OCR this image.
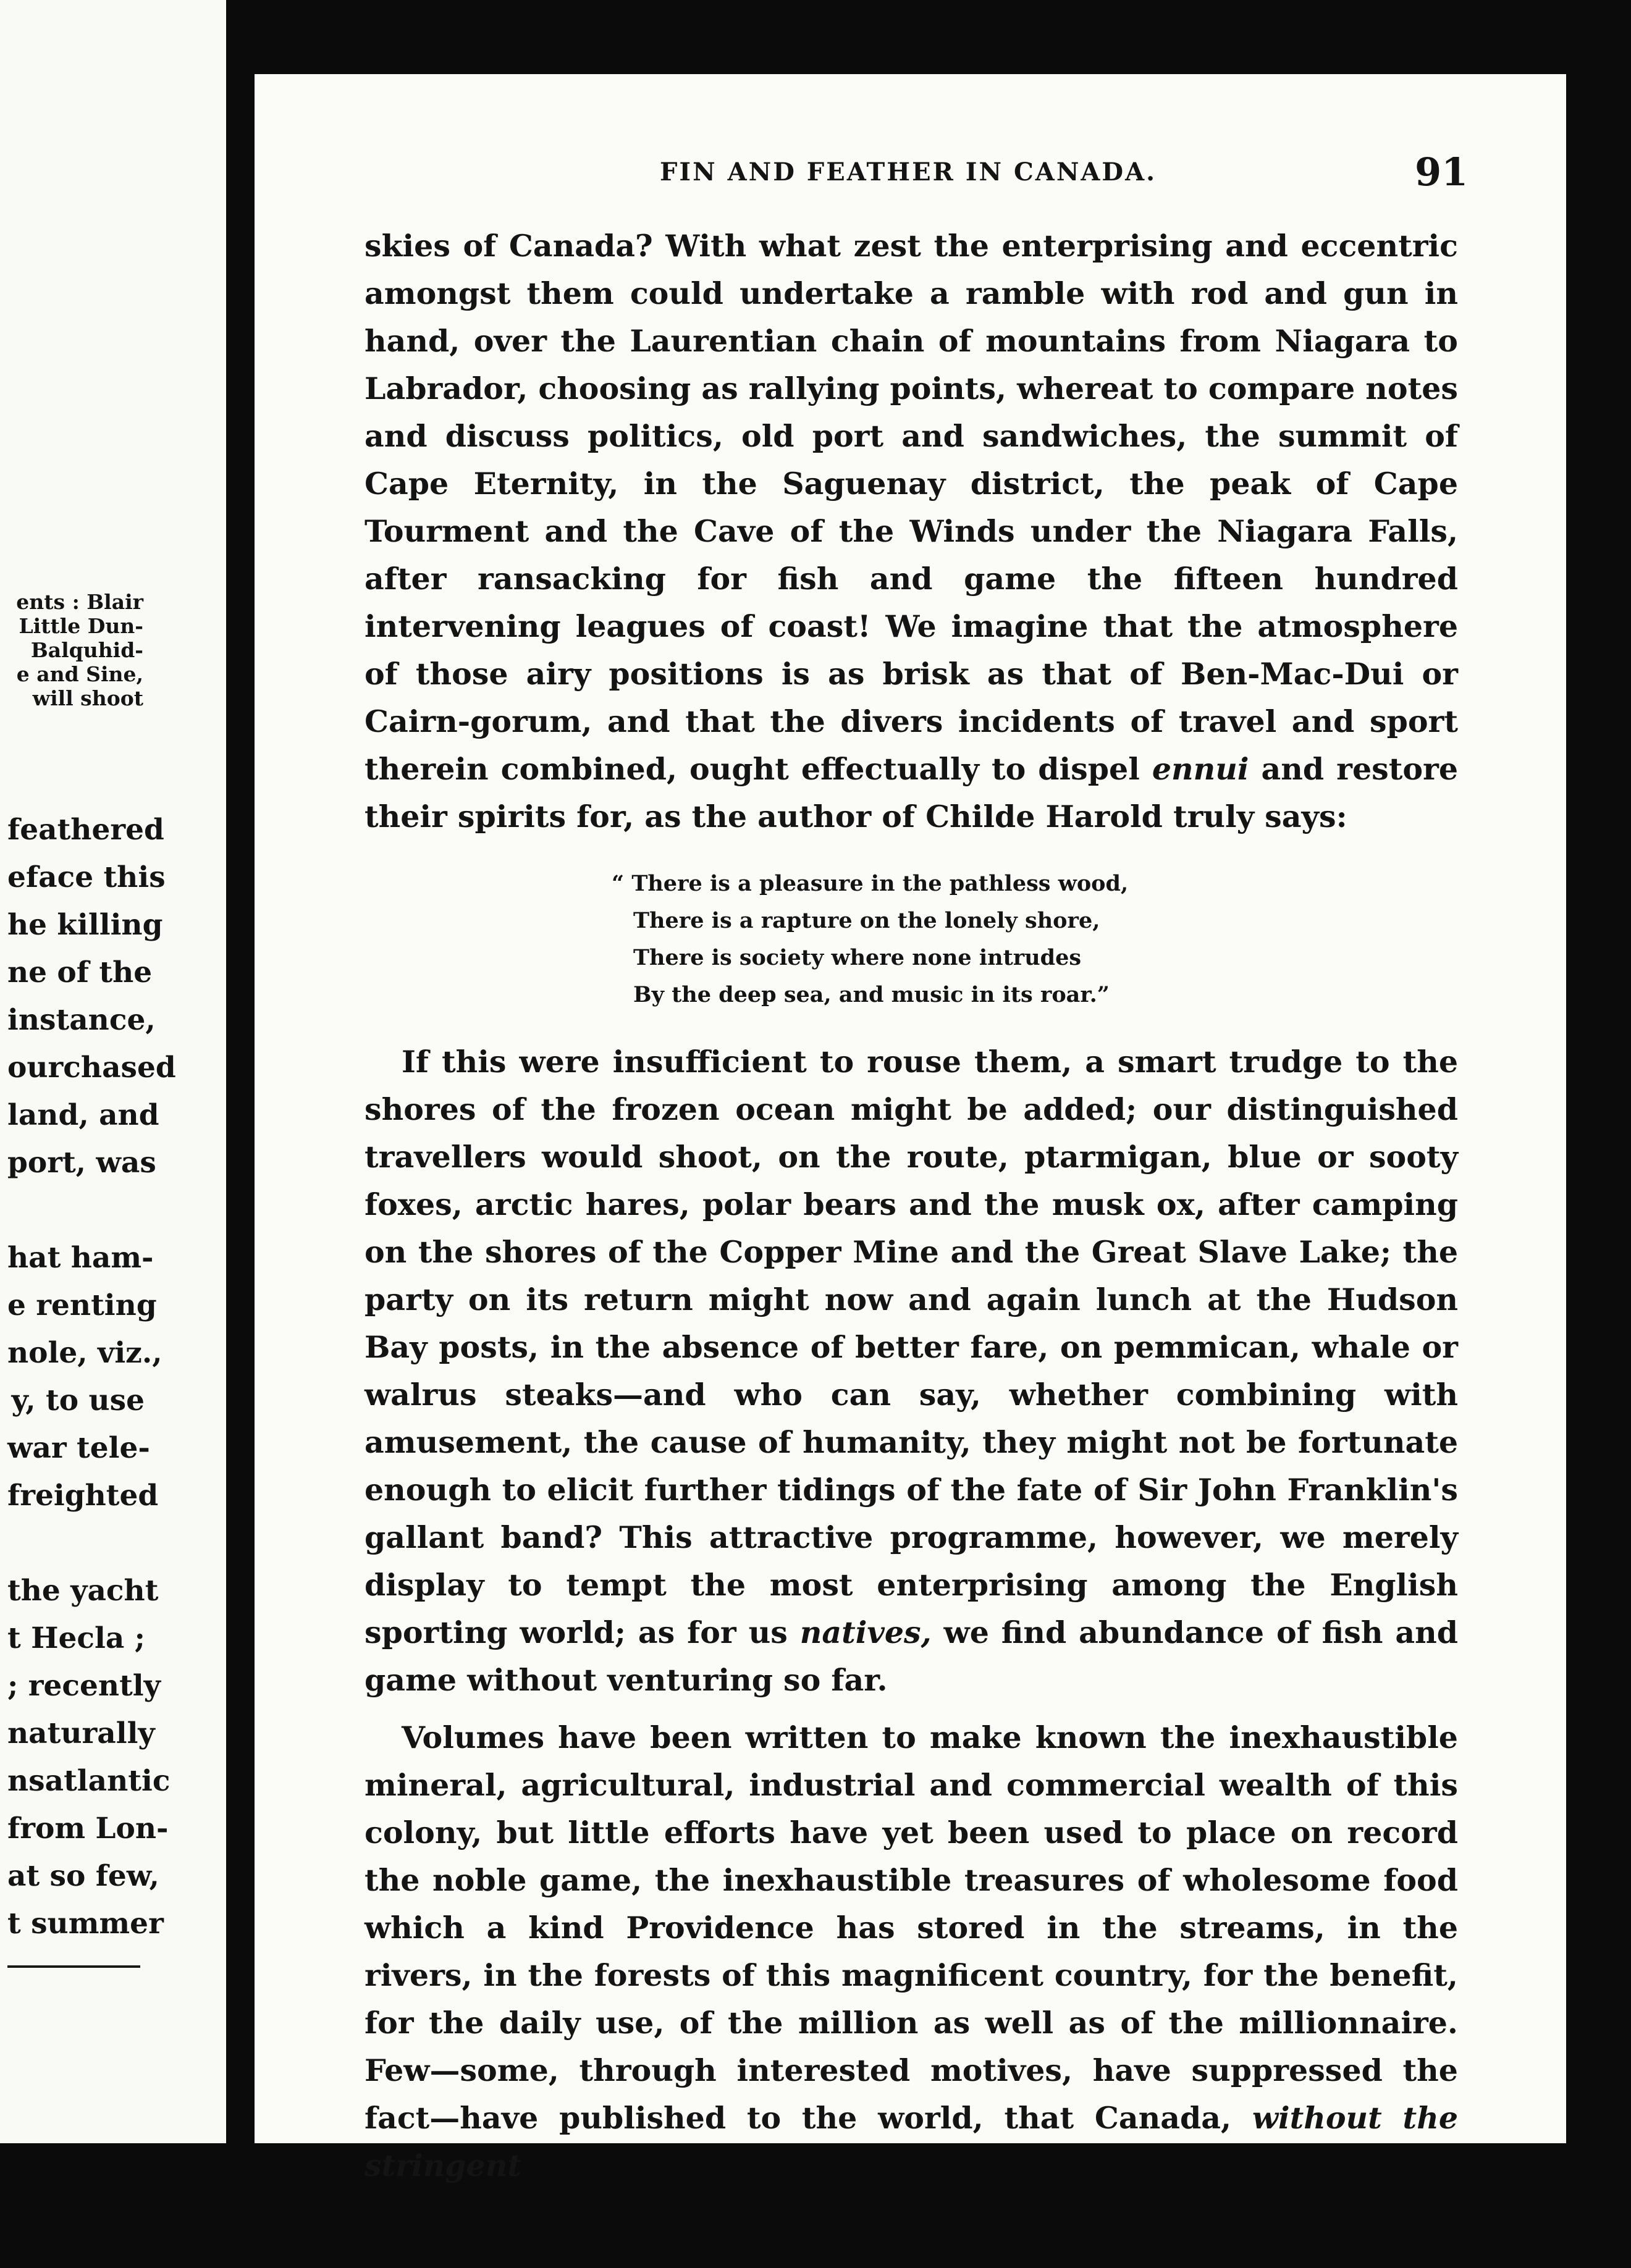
ents : Blair
Little Dun-
Balquhid-
e and Sine,
will shoot
feathered
eface this
he killing
ne of the
instance,
ourchased
land, and
port, was
hat ham-
e renting
nole, viz.,
y, to use
war tele-
freighted
the yacht
t Hecla ;
; recently
naturally
nsatlantic
from Lon-
at so few,
t summer
FIN AND FEATHER IN CANADA.	91

skies of Canada? With what zest the enterprising and eccentric amongst them could undertake a ramble with rod and gun in hand, over the Laurentian chain of mountains from Niagara to Labrador, choosing as rallying points, whereat to compare notes and discuss politics, old port and sandwiches, the summit of Cape Eternity, in the Saguenay district, the peak of Cape Tourment and the Cave of the Winds under the Niagara Falls, after ransacking for fish and game the fifteen hundred intervening leagues of coast! We imagine that the atmosphere of those airy positions is as brisk as that of Ben-Mac-Dui or Cairn-gorum, and that the divers incidents of travel and sport therein combined, ought effectually to dispel ennui and restore their spirits for, as the author of Childe Harold truly says:

“ There is a pleasure in the pathless wood,
There is a rapture on the lonely shore,
There is society where none intrudes
By the deep sea, and music in its roar.”

If this were insufficient to rouse them, a smart trudge to the shores of the frozen ocean might be added; our distinguished travellers would shoot, on the route, ptarmigan, blue or sooty foxes, arctic hares, polar bears and the musk ox, after camping on the shores of the Copper Mine and the Great Slave Lake; the party on its return might now and again lunch at the Hudson Bay posts, in the absence of better fare, on pemmican, whale or walrus steaks—and who can say, whether combining with amusement, the cause of humanity, they might not be fortunate enough to elicit further tidings of the fate of Sir John Franklin's gallant band? This attractive programme, however, we merely display to tempt the most enterprising among the English sporting world; as for us natives, we find abundance of fish and game without venturing so far.

Volumes have been written to make known the inexhaustible mineral, agricultural, industrial and commercial wealth of this colony, but little efforts have yet been used to place on record the noble game, the inexhaustible treasures of wholesome food which a kind Providence has stored in the streams, in the rivers, in the forests of this magnificent country, for the benefit, for the daily use, of the million as well as of the millionnaire. Few—some, through interested motives, have suppressed the fact—have published to the world, that Canada, without the stringent
